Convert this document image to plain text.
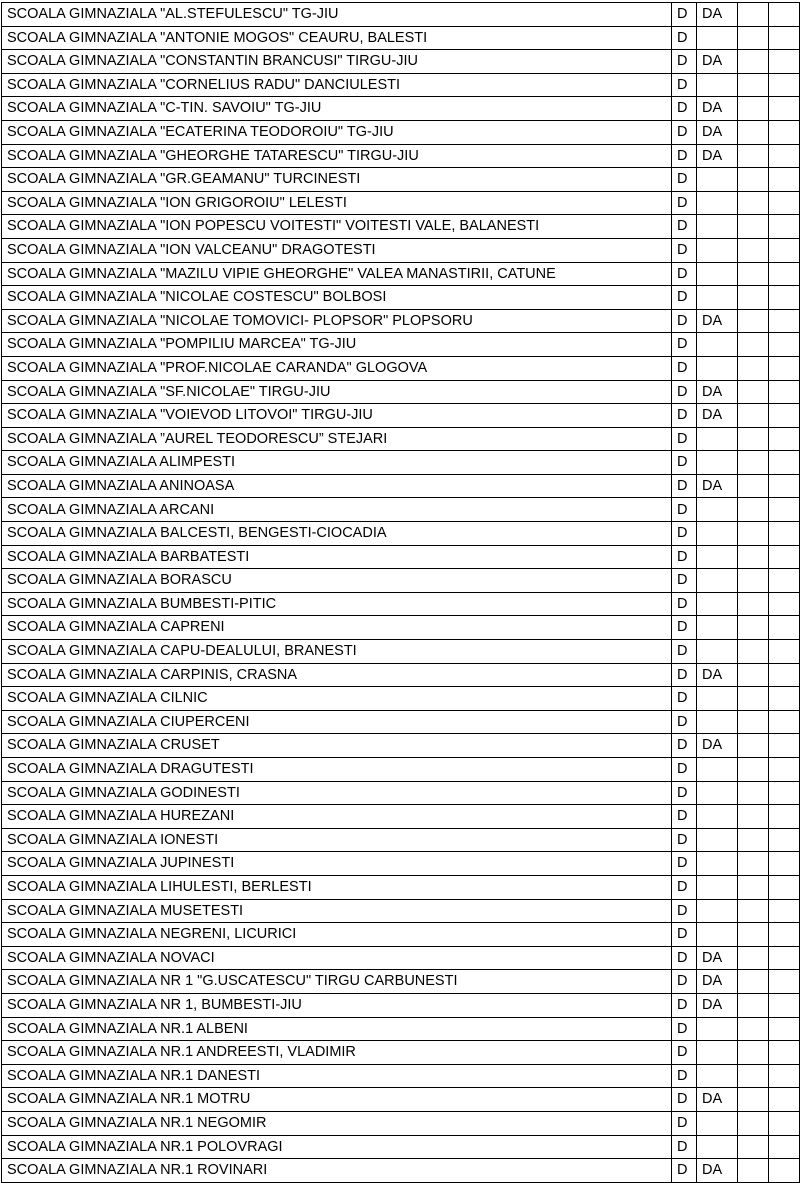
SCOALA GIMNAZIALA "AL.STEFULESCU" TG-JIU	D	DA		
SCOALA GIMNAZIALA "ANTONIE MOGOS" CEAURU, BALESTI	D			
SCOALA GIMNAZIALA "CONSTANTIN BRANCUSI" TIRGU-JIU	D	DA		
SCOALA GIMNAZIALA "CORNELIUS RADU" DANCIULESTI	D			
SCOALA GIMNAZIALA "C-TIN. SAVOIU" TG-JIU	D	DA		
SCOALA GIMNAZIALA "ECATERINA TEODOROIU" TG-JIU	D	DA		
SCOALA GIMNAZIALA "GHEORGHE TATARESCU" TIRGU-JIU	D	DA		
SCOALA GIMNAZIALA "GR.GEAMANU" TURCINESTI	D			
SCOALA GIMNAZIALA "ION GRIGOROIU" LELESTI	D			
SCOALA GIMNAZIALA "ION POPESCU VOITESTI" VOITESTI VALE, BALANESTI	D			
SCOALA GIMNAZIALA "ION VALCEANU" DRAGOTESTI	D			
SCOALA GIMNAZIALA "MAZILU VIPIE GHEORGHE" VALEA MANASTIRII, CATUNE	D			
SCOALA GIMNAZIALA "NICOLAE COSTESCU" BOLBOSI	D			
SCOALA GIMNAZIALA "NICOLAE TOMOVICI- PLOPSOR" PLOPSORU	D	DA		
SCOALA GIMNAZIALA "POMPILIU MARCEA" TG-JIU	D			
SCOALA GIMNAZIALA "PROF.NICOLAE CARANDA" GLOGOVA	D			
SCOALA GIMNAZIALA "SF.NICOLAE" TIRGU-JIU	D	DA		
SCOALA GIMNAZIALA "VOIEVOD LITOVOI" TIRGU-JIU	D	DA		
SCOALA GIMNAZIALA ”AUREL TEODORESCU” STEJARI	D			
SCOALA GIMNAZIALA ALIMPESTI	D			
SCOALA GIMNAZIALA ANINOASA	D	DA		
SCOALA GIMNAZIALA ARCANI	D			
SCOALA GIMNAZIALA BALCESTI, BENGESTI-CIOCADIA	D			
SCOALA GIMNAZIALA BARBATESTI	D			
SCOALA GIMNAZIALA BORASCU	D			
SCOALA GIMNAZIALA BUMBESTI-PITIC	D			
SCOALA GIMNAZIALA CAPRENI	D			
SCOALA GIMNAZIALA CAPU-DEALULUI, BRANESTI	D			
SCOALA GIMNAZIALA CARPINIS, CRASNA	D	DA		
SCOALA GIMNAZIALA CILNIC	D			
SCOALA GIMNAZIALA CIUPERCENI	D			
SCOALA GIMNAZIALA CRUSET	D	DA		
SCOALA GIMNAZIALA DRAGUTESTI	D			
SCOALA GIMNAZIALA GODINESTI	D			
SCOALA GIMNAZIALA HUREZANI	D			
SCOALA GIMNAZIALA IONESTI	D			
SCOALA GIMNAZIALA JUPINESTI	D			
SCOALA GIMNAZIALA LIHULESTI, BERLESTI	D			
SCOALA GIMNAZIALA MUSETESTI	D			
SCOALA GIMNAZIALA NEGRENI, LICURICI	D			
SCOALA GIMNAZIALA NOVACI	D	DA		
SCOALA GIMNAZIALA NR 1 "G.USCATESCU" TIRGU CARBUNESTI	D	DA		
SCOALA GIMNAZIALA NR 1, BUMBESTI-JIU	D	DA		
SCOALA GIMNAZIALA NR.1 ALBENI	D			
SCOALA GIMNAZIALA NR.1 ANDREESTI, VLADIMIR	D			
SCOALA GIMNAZIALA NR.1 DANESTI	D			
SCOALA GIMNAZIALA NR.1 MOTRU	D	DA		
SCOALA GIMNAZIALA NR.1 NEGOMIR	D			
SCOALA GIMNAZIALA NR.1 POLOVRAGI	D			
SCOALA GIMNAZIALA NR.1 ROVINARI	D	DA		
